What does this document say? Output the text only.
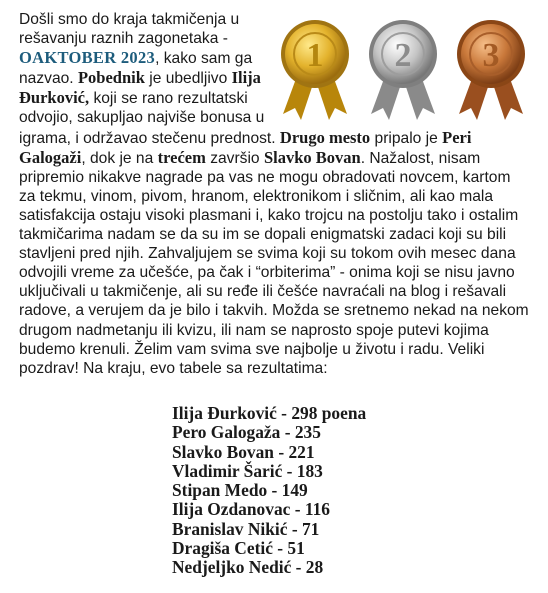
1 2 3

Došli smo do kraja takmičenja u rešavanju raznih zagonetaka - OAKTOBER 2023, kako sam ga nazvao. Pobednik je ubedljivo Ilija Đurković, koji se rano rezultatski odvojio, sakupljao najviše bonusa u igrama, i održavao stečenu prednost. Drugo mesto pripalo je Peri Galogaži, dok je na trećem završio Slavko Bovan. Nažalost, nisam pripremio nikakve nagrade pa vas ne mogu obradovati novcem, kartom za tekmu, vinom, pivom, hranom, elektronikom i sličnim, ali kao mala satisfakcija ostaju visoki plasmani i, kako trojcu na postolju tako i ostalim takmičarima nadam se da su im se dopali enigmatski zadaci koji su bili stavljeni pred njih. Zahvaljujem se svima koji su tokom ovih mesec dana odvojili vreme za učešće, pa čak i “orbiterima” - onima koji se nisu javno uključivali u takmičenje, ali su ređe ili češće navraćali na blog i rešavali radove, a verujem da je bilo i takvih. Možda se sretnemo nekad na nekom drugom nadmetanju ili kvizu, ili nam se naprosto spoje putevi kojima budemo krenuli. Želim vam svima sve najbolje u životu i radu. Veliki pozdrav! Na kraju, evo tabele sa rezultatima:

Ilija Đurković - 298 poena
Pero Galogaža - 235
Slavko Bovan - 221
Vladimir Šarić - 183
Stipan Medo - 149
Ilija Ozdanovac - 116
Branislav Nikić - 71
Dragiša Cetić - 51
Nedjeljko Nedić - 28
